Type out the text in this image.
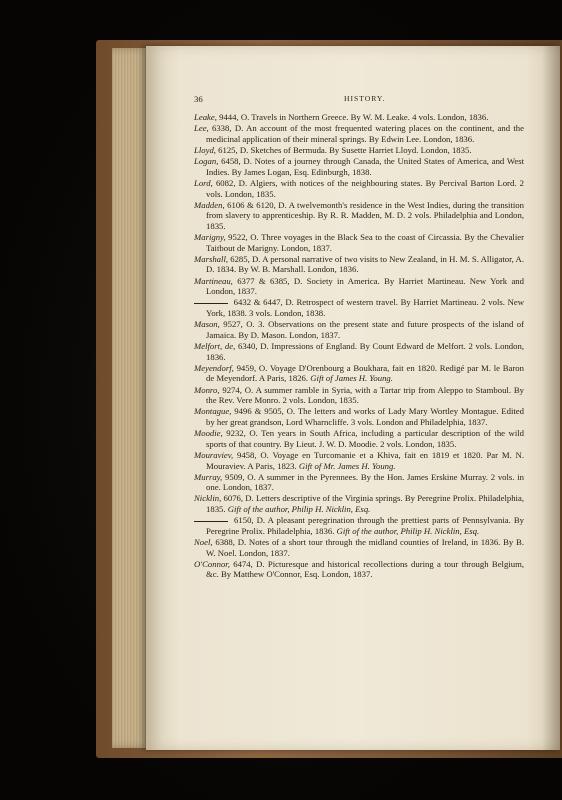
36	HISTORY.

Leake, 9444, O. Travels in Northern Greece. By W. M. Leake. 4 vols. London, 1836.

Lee, 6338, D. An account of the most frequented watering places on the continent, and the medicinal application of their mineral springs. By Edwin Lee. London, 1836.

Lloyd, 6125, D. Sketches of Bermuda. By Susette Harriet Lloyd. London, 1835.

Logan, 6458, D. Notes of a journey through Canada, the United States of America, and West Indies. By James Logan, Esq. Edinburgh, 1838.

Lord, 6082, D. Algiers, with notices of the neighbouring states. By Percival Barton Lord. 2 vols. London, 1835.

Madden, 6106 & 6120, D. A twelvemonth's residence in the West Indies, during the transition from slavery to apprenticeship. By R. R. Madden, M. D. 2 vols. Philadelphia and London, 1835.

Marigny, 9522, O. Three voyages in the Black Sea to the coast of Circassia. By the Chevalier Taitbout de Marigny. London, 1837.

Marshall, 6285, D. A personal narrative of two visits to New Zealand, in H. M. S. Alligator, A. D. 1834. By W. B. Marshall. London, 1836.

Martineau, 6377 & 6385, D. Society in America. By Harriet Martineau. New York and London, 1837.

6432 & 6447, D. Retrospect of western travel. By Harriet Martineau. 2 vols. New York, 1838. 3 vols. London, 1838.

Mason, 9527, O. 3. Observations on the present state and future prospects of the island of Jamaica. By D. Mason. London, 1837.

Melfort, de, 6340, D. Impressions of England. By Count Edward de Melfort. 2 vols. London, 1836.

Meyendorf, 9459, O. Voyage D'Orenbourg a Boukhara, fait en 1820. Redigé par M. le Baron de Meyendorf. A Paris, 1826. Gift of James H. Young.

Monro, 9274, O. A summer ramble in Syria, with a Tartar trip from Aleppo to Stamboul. By the Rev. Vere Monro. 2 vols. London, 1835.

Montague, 9496 & 9505, O. The letters and works of Lady Mary Wortley Montague. Edited by her great grandson, Lord Wharncliffe. 3 vols. London and Philadelphia, 1837.

Moodie, 9232, O. Ten years in South Africa, including a particular description of the wild sports of that country. By Lieut. J. W. D. Moodie. 2 vols. London, 1835.

Mouraviev, 9458, O. Voyage en Turcomanie et a Khiva, fait en 1819 et 1820. Par M. N. Mouraviev. A Paris, 1823. Gift of Mr. James H. Young.

Murray, 9509, O. A summer in the Pyrennees. By the Hon. James Erskine Murray. 2 vols. in one. London, 1837.

Nicklin, 6076, D. Letters descriptive of the Virginia springs. By Peregrine Prolix. Philadelphia, 1835. Gift of the author, Philip H. Nicklin, Esq.

6150, D. A pleasant peregrination through the prettiest parts of Pennsylvania. By Peregrine Prolix. Philadelphia, 1836. Gift of the author, Philip H. Nicklin, Esq.

Noel, 6388, D. Notes of a short tour through the midland counties of Ireland, in 1836. By B. W. Noel. London, 1837.

O'Connor, 6474, D. Picturesque and historical recollections during a tour through Belgium, &c. By Matthew O'Connor, Esq. London, 1837.
